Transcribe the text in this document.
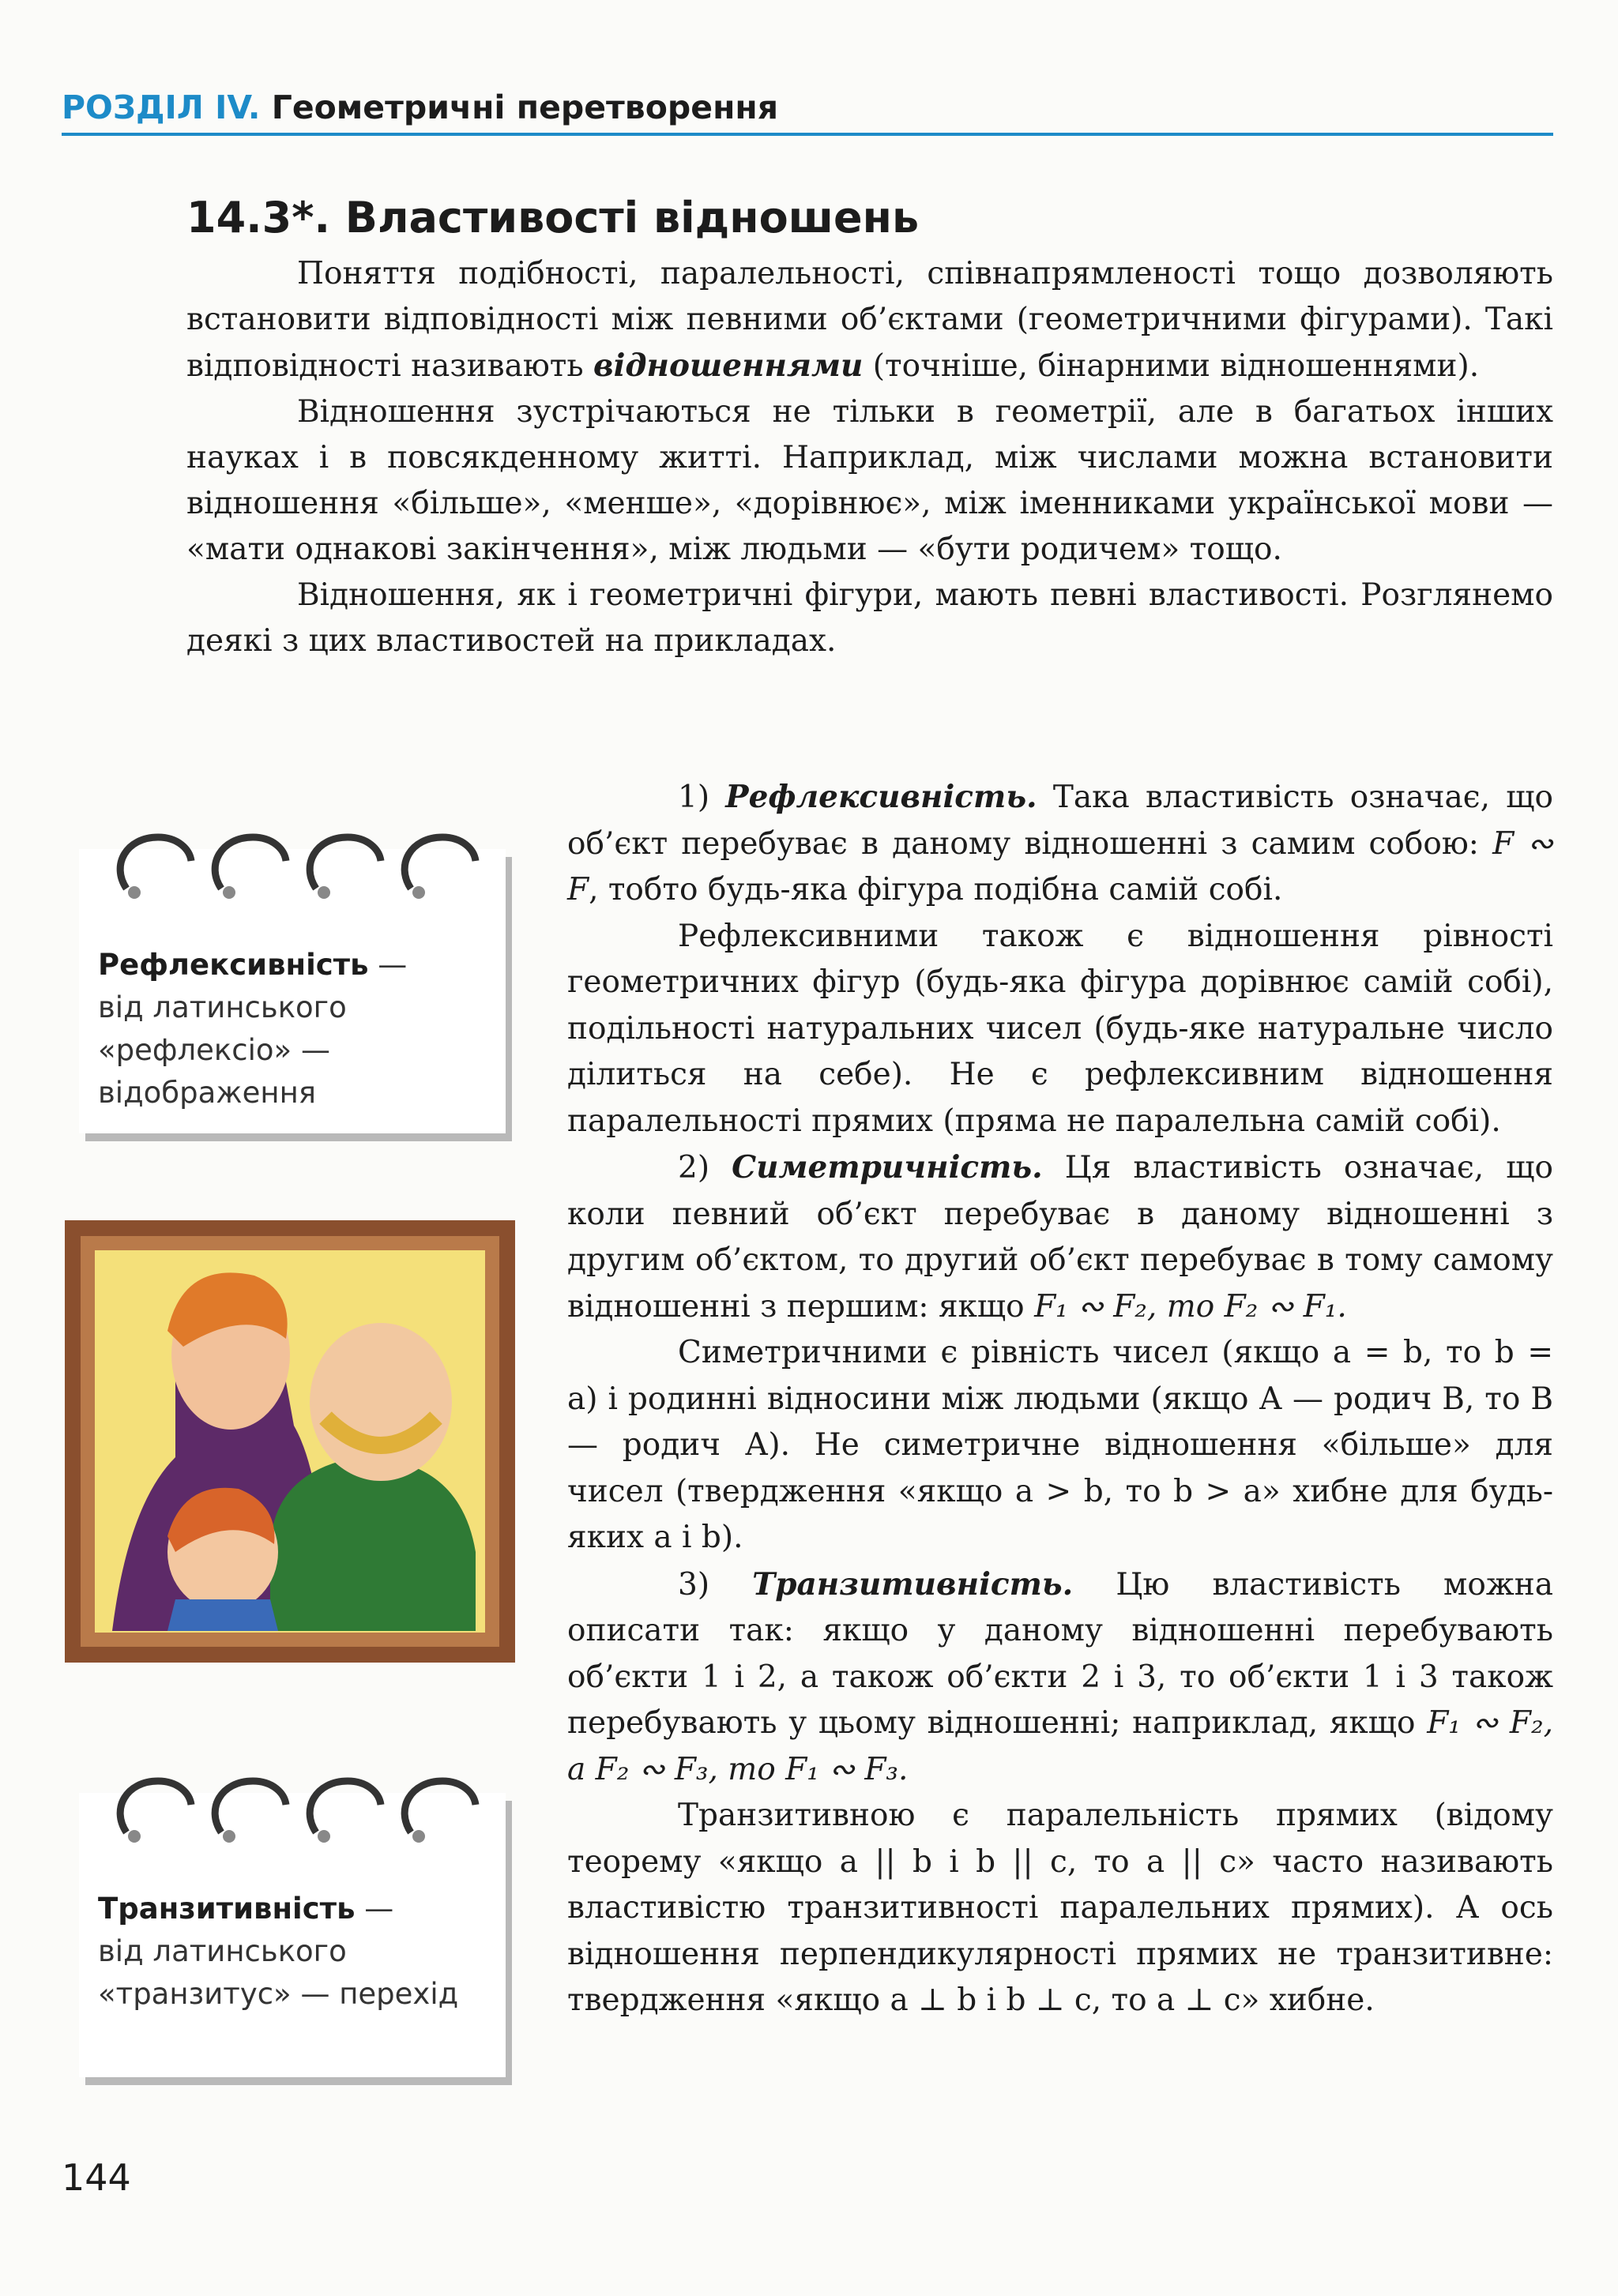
РОЗДІЛ IV. Геометричні перетворення
14.3*. Властивості відношень

Поняття подібності, паралельності, співнапрямленості тощо дозволяють встановити відповідності між певними об’єктами (геометричними фігурами). Такі відповідності називають відношеннями (точніше, бінарними відношеннями).

Відношення зустрічаються не тільки в геометрії, але в багатьох інших науках і в повсякденному житті. Наприклад, між числами можна встановити відношення «більше», «менше», «дорівнює», між іменниками української мови — «мати однакові закінчення», між людьми — «бути родичем» тощо.

Відношення, як і геометричні фігури, мають певні властивості. Розглянемо деякі з цих властивостей на прикладах.

1) Рефлексивність. Така властивість означає, що об’єкт перебуває в даному відношенні з самим собою: F ∾ F, тобто будь-яка фігура подібна самій собі.

Рефлексивними також є відношення рівності геометричних фігур (будь-яка фігура дорівнює самій собі), подільності натуральних чисел (будь-яке натуральне число ділиться на себе). Не є рефлексивним відношення паралельності прямих (пряма не паралельна самій собі).

2) Симетричність. Ця властивість означає, що коли певний об’єкт перебуває в даному відношенні з другим об’єктом, то другий об’єкт перебуває в тому самому відношенні з першим: якщо F₁ ∾ F₂, то F₂ ∾ F₁.

Симетричними є рівність чисел (якщо a = b, то b = a) і родинні відносини між людьми (якщо А — родич В, то В — родич А). Не симетричне відношення «більше» для чисел (твердження «якщо a > b, то b > a» хибне для будь-яких a і b).

3) Транзитивність. Цю властивість можна описати так: якщо у даному відношенні перебувають об’єкти 1 і 2, а також об’єкти 2 і 3, то об’єкти 1 і 3 також перебувають у цьому відношенні; наприклад, якщо F₁ ∾ F₂, а F₂ ∾ F₃, то F₁ ∾ F₃.

Транзитивною є паралельність прямих (відому теорему «якщо a || b і b || c, то a || c» часто називають властивістю транзитивності паралельних прямих). А ось відношення перпендикулярності прямих не транзитивне: твердження «якщо a ⊥ b і b ⊥ c, то a ⊥ c» хибне.

Рефлексивність —
від латинського «рефлексіо» — відображення
Транзитивність —
від латинського «транзитус» — перехід
144
